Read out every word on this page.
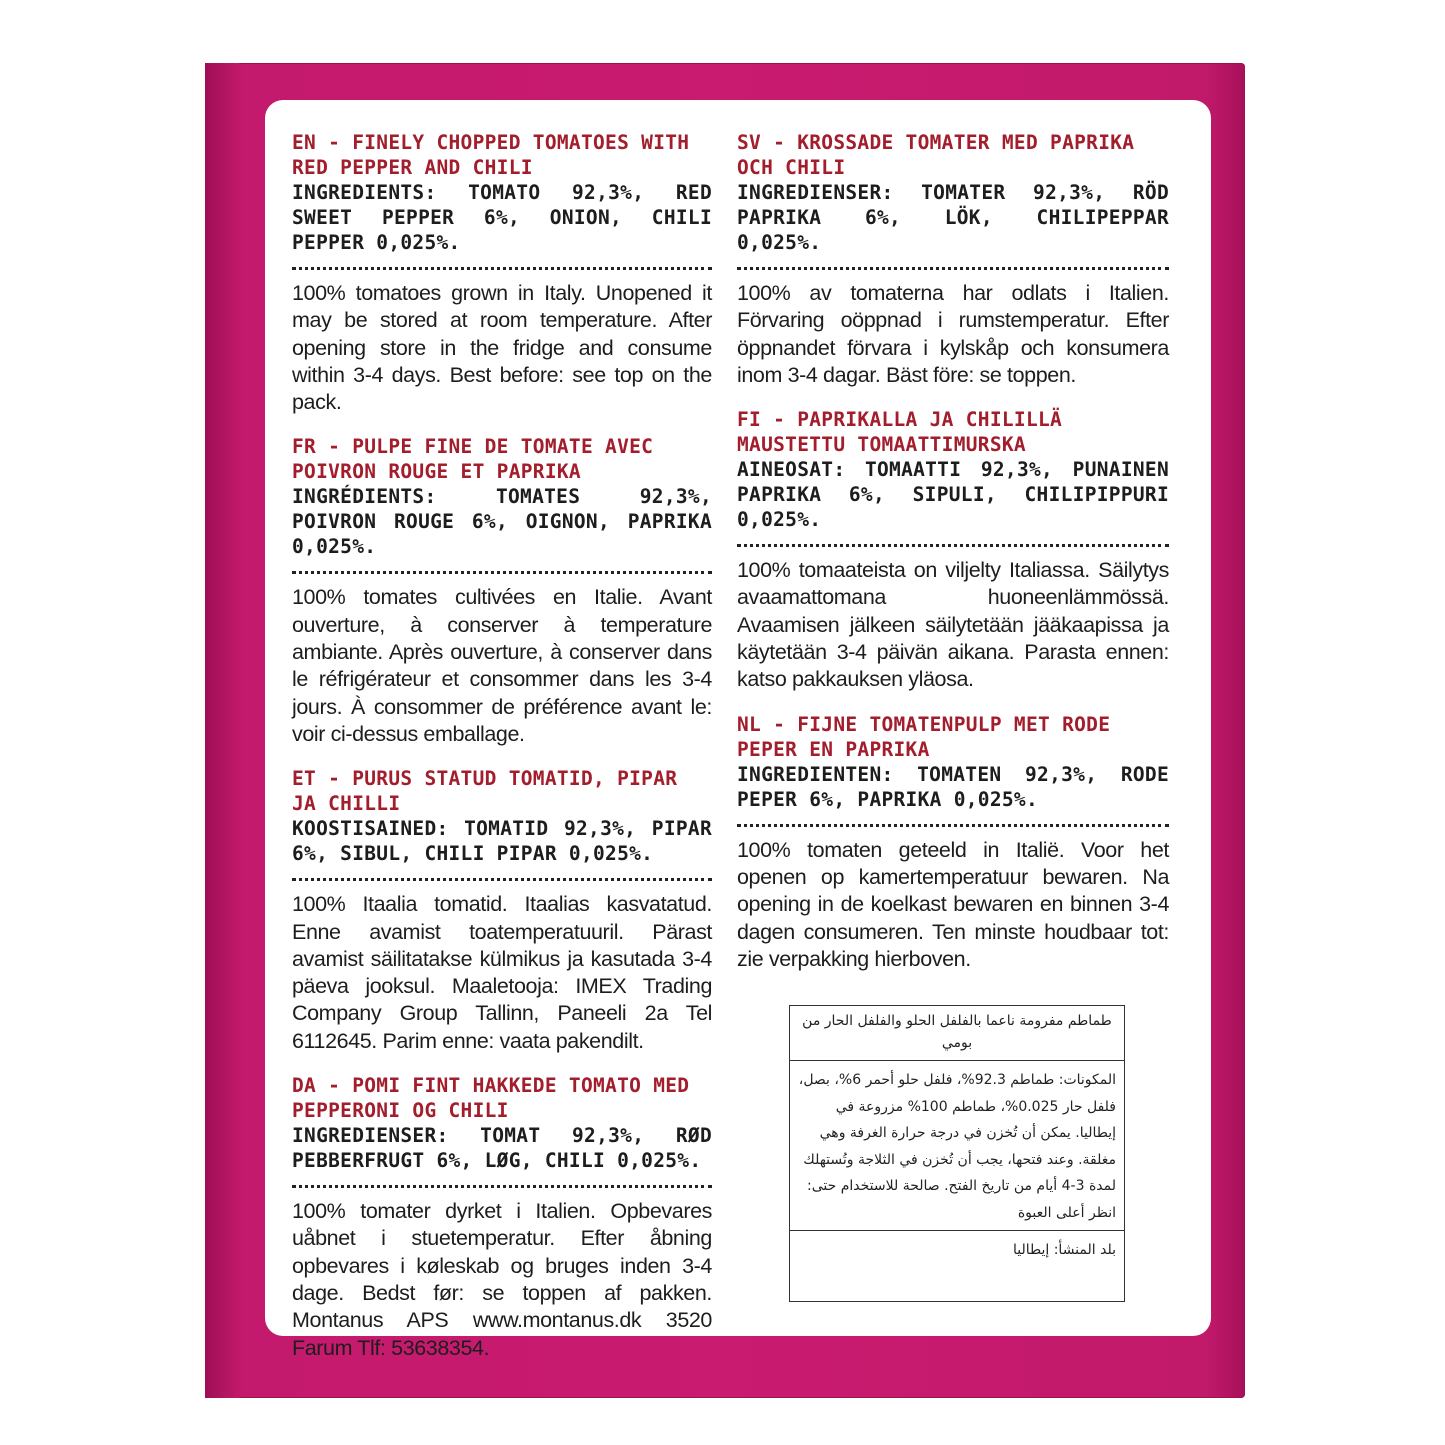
EN - FINELY CHOPPED TOMATOES WITH RED PEPPER AND CHILI

INGREDIENTS: TOMATO 92,3%, RED SWEET PEPPER 6%, ONION, CHILI PEPPER 0,025%.

100% tomatoes grown in Italy. Unopened it may be stored at room temperature. After opening store in the fridge and consume within 3-4 days. Best before: see top on the pack.

FR - PULPE FINE DE TOMATE AVEC POIVRON ROUGE ET PAPRIKA

INGRÉDIENTS: TOMATES 92,3%, POIVRON ROUGE 6%, OIGNON, PAPRIKA 0,025%.

100% tomates cultivées en Italie. Avant ouverture, à conserver à temperature ambiante. Après ouverture, à conserver dans le réfrigérateur et consommer dans les 3-4 jours. À consommer de préférence avant le: voir ci-dessus emballage.

ET - PURUS STATUD TOMATID, PIPAR JA CHILLI

KOOSTISAINED: TOMATID 92,3%, PIPAR 6%, SIBUL, CHILI PIPAR 0,025%.

100% Itaalia tomatid. Itaalias kasvatatud. Enne avamist toatemperatuuril. Pärast avamist säilitatakse külmikus ja kasutada 3-4 päeva jooksul. Maaletooja: IMEX Trading Company Group Tallinn, Paneeli 2a Tel 6112645. Parim enne: vaata pakendilt.

DA - POMI FINT HAKKEDE TOMATO MED PEPPERONI OG CHILI

INGREDIENSER: TOMAT 92,3%, RØD PEBBERFRUGT 6%, LØG, CHILI 0,025%.

100% tomater dyrket i Italien. Opbevares uåbnet i stuetemperatur. Efter åbning opbevares i køleskab og bruges inden 3-4 dage. Bedst før: se toppen af pakken. Montanus APS www.montanus.dk 3520 Farum Tlf: 53638354.

SV - KROSSADE TOMATER MED PAPRIKA OCH CHILI

INGREDIENSER: TOMATER 92,3%, RÖD PAPRIKA 6%, LÖK, CHILIPEPPAR 0,025%.

100% av tomaterna har odlats i Italien. Förvaring oöppnad i rumstemperatur. Efter öppnandet förvara i kylskåp och konsumera inom 3-4 dagar. Bäst före: se toppen.

FI - PAPRIKALLA JA CHILILLÄ MAUSTETTU TOMAATTIMURSKA

AINEOSAT: TOMAATTI 92,3%, PUNAINEN PAPRIKA 6%, SIPULI, CHILIPIPPURI 0,025%.

100% tomaateista on viljelty Italiassa. Säilytys avaamattomana huoneenlämmössä. Avaamisen jälkeen säilytetään jääkaapissa ja käytetään 3-4 päivän aikana. Parasta ennen: katso pakkauksen yläosa.

NL - FIJNE TOMATENPULP MET RODE PEPER EN PAPRIKA

INGREDIENTEN: TOMATEN 92,3%, RODE PEPER 6%, PAPRIKA 0,025%.

100% tomaten geteeld in Italië. Voor het openen op kamertemperatuur bewaren. Na opening in de koelkast bewaren en binnen 3-4 dagen consumeren. Ten minste houdbaar tot: zie verpakking hierboven.

طماطم مفرومة ناعما بالفلفل الحلو والفلفل الحار من بومي
المكونات: طماطم 92.3%، فلفل حلو أحمر 6%، بصل، فلفل حار 0.025%، طماطم 100% مزروعة في إيطاليا. يمكن أن تُخزن في درجة حرارة الغرفة وهي مغلقة. وعند فتحها، يجب أن تُخزن في الثلاجة وتُستهلك لمدة 3-4 أيام من تاريخ الفتح. صالحة للاستخدام حتى: انظر أعلى العبوة
بلد المنشأ: إيطاليا
